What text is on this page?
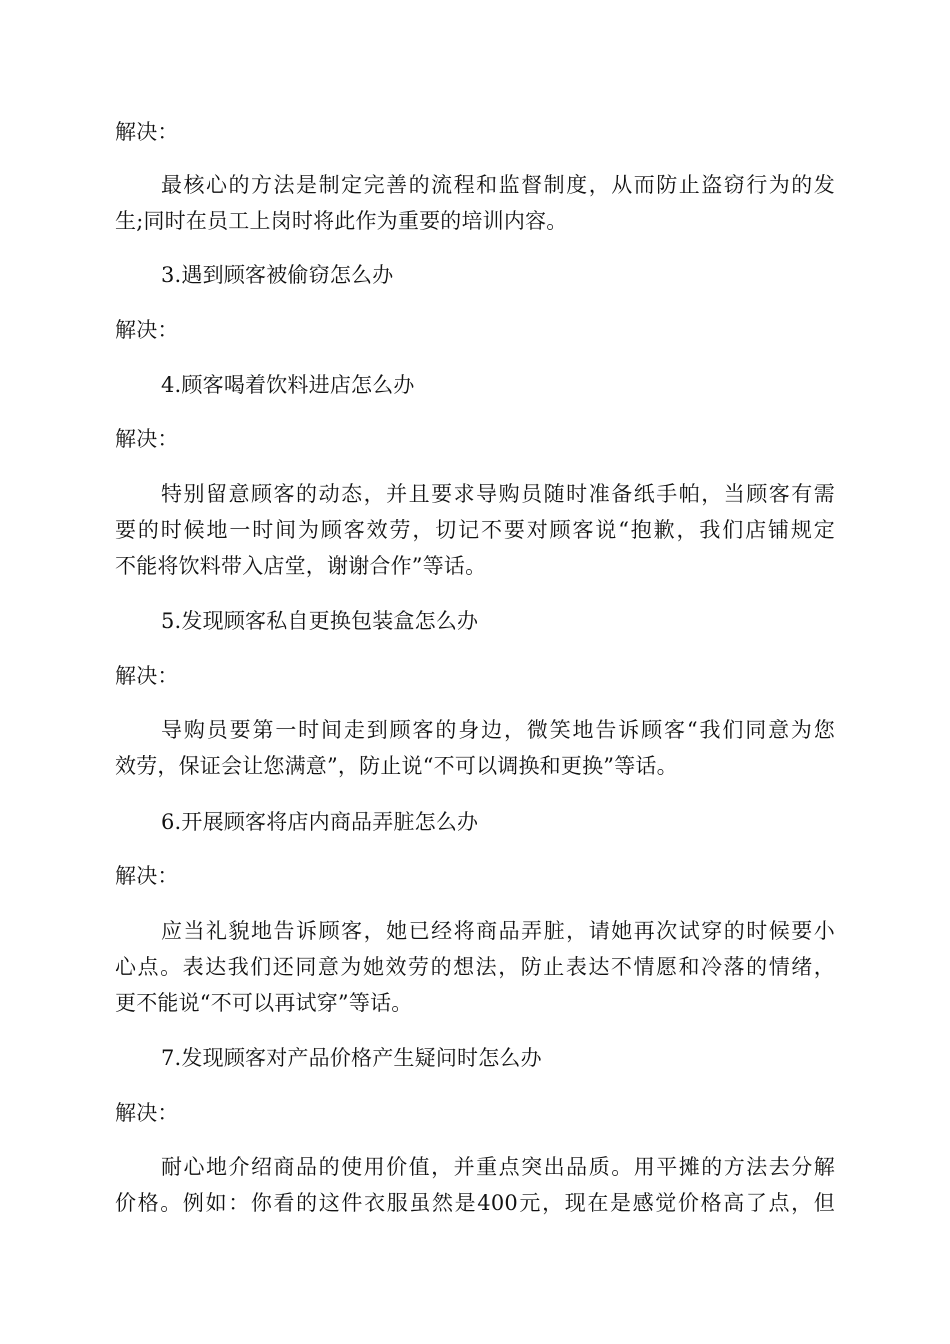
解决：
最核心的方法是制定完善的流程和监督制度，从而防止盗窃行为的发
生;同时在员工上岗时将此作为重要的培训内容。
3.遇到顾客被偷窃怎么办
解决：
4.顾客喝着饮料进店怎么办
解决：
特别留意顾客的动态，并且要求导购员随时准备纸手帕，当顾客有需
要的时候地一时间为顾客效劳，切记不要对顾客说“抱歉，我们店铺规定
不能将饮料带入店堂，谢谢合作”等话。
5.发现顾客私自更换包装盒怎么办
解决：
导购员要第一时间走到顾客的身边，微笑地告诉顾客“我们同意为您
效劳，保证会让您满意”，防止说“不可以调换和更换”等话。
6.开展顾客将店内商品弄脏怎么办
解决：
应当礼貌地告诉顾客，她已经将商品弄脏，请她再次试穿的时候要小
心点。表达我们还同意为她效劳的想法，防止表达不情愿和冷落的情绪，
更不能说“不可以再试穿”等话。
7.发现顾客对产品价格产生疑问时怎么办
解决：
耐心地介绍商品的使用价值，并重点突出品质。用平摊的方法去分解
价格。例如：你看的这件衣服虽然是400元，现在是感觉价格高了点，但
